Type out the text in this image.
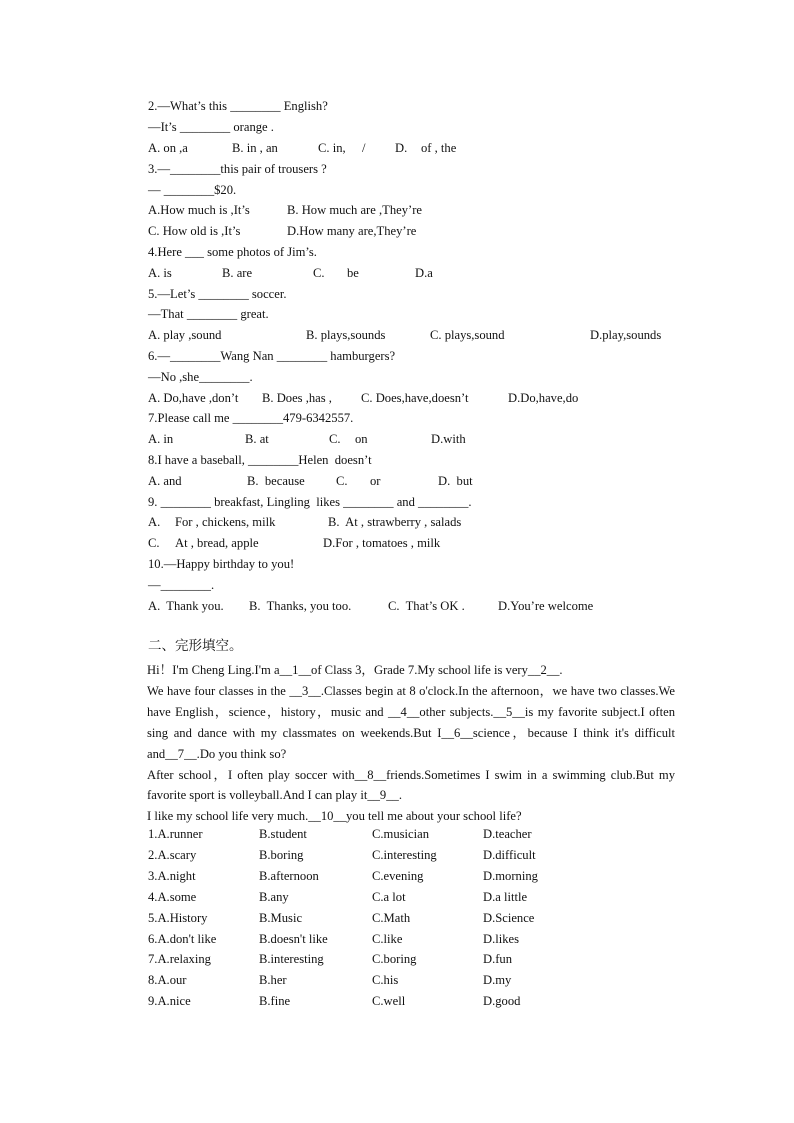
2.—What’s this ________ English?
—It’s ________ orange .
A. on ,a	B. in , an	C. in, / D. of , the
3.—________this pair of trousers ?
— ________$20.
A.How much is ,It’s	B. How much are ,They’re
C. How old is ,It’s	D.How many are,They’re
4.Here ___ some photos of Jim’s.
A. is	B. are	C. be	D.a
5.—Let’s ________ soccer.
—That ________ great.
A. play ,sound	B. plays,sounds	C. plays,sound	D.play,sounds
6.—________Wang Nan ________ hamburgers?
—No ,she________.
A. Do,have ,don’t B. Does ,has , C. Does,have,doesn’t	D.Do,have,do
7.Please call me ________479-6342557.
A. in	B. at	C. on	D.with
8.I have a baseball, ________Helen  doesn’t
A. and	B.  because C. or	D.  but
9. ________ breakfast, Lingling  likes ________ and ________.
A. For , chickens, milk	B.  At , strawberry , salads
C. At , bread, apple	D.For , tomatoes , milk
10.—Happy birthday to you!
—________.
A.  Thank you. B.  Thanks, you too.	C.  That’s OK .	D.You’re welcome
二、完形填空。

Hi！I'm Cheng Ling.I'm a__1__of Class 3，Grade 7.My school life is very__2__.

We have four classes in the __3__.Classes begin at 8 o'clock.In the afternoon，we have two classes.We have English，science，history，music and __4__other subjects.__5__is my favorite subject.I often sing and dance with my classmates on weekends.But I__6__science，because I think it's difficult and__7__.Do you think so?

After school，I often play soccer with__8__friends.Sometimes I swim in a swimming club.But my favorite sport is volleyball.And I can play it__9__.

I like my school life very much.__10__you tell me about your school life?

1.A.runner	B.student	C.musician	D.teacher
2.A.scary	B.boring	C.interesting	D.difficult
3.A.night	B.afternoon	C.evening	D.morning
4.A.some	B.any	C.a lot	D.a little
5.A.History	B.Music	C.Math	D.Science
6.A.don't like	B.doesn't like	C.like	D.likes
7.A.relaxing	B.interesting	C.boring	D.fun
8.A.our	B.her	C.his	D.my
9.A.nice	B.fine	C.well	D.good
